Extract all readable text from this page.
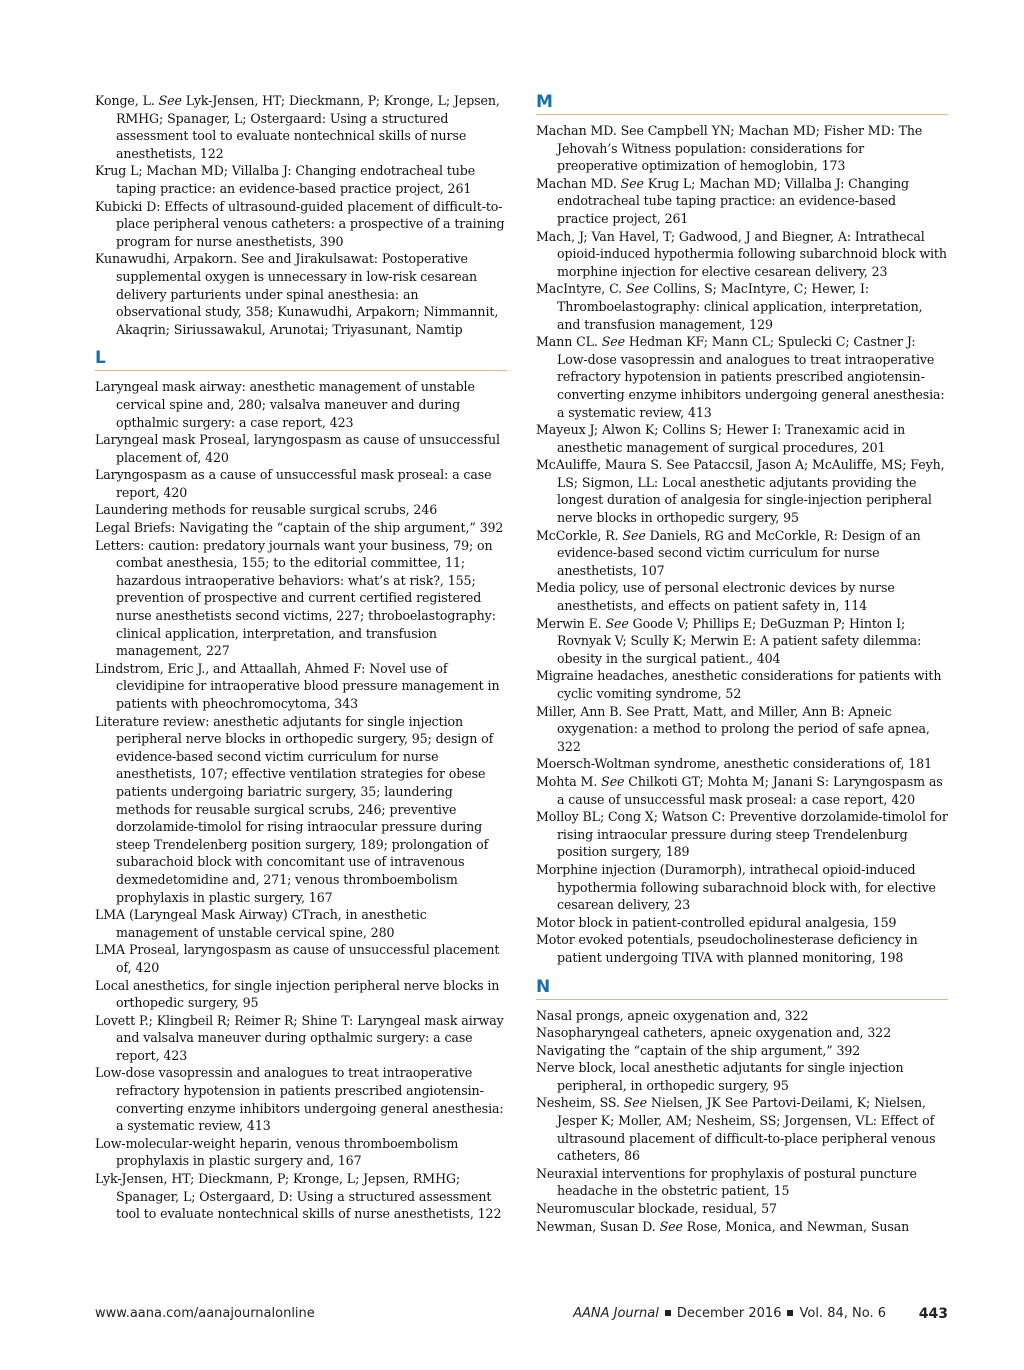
Konge, L. See Lyk-Jensen, HT; Dieckmann, P; Kronge, L; Jepsen, RMHG; Spanager, L; Ostergaard: Using a structured assessment tool to evaluate nontechnical skills of nurse anesthetists, 122

Krug L; Machan MD; Villalba J: Changing endotracheal tube taping practice: an evidence-based practice project, 261

Kubicki D: Effects of ultrasound-guided placement of difficult-to-place peripheral venous catheters: a prospective of a training program for nurse anesthetists, 390

Kunawudhi, Arpakorn. See and Jirakulsawat: Postoperative supplemental oxygen is unnecessary in low-risk cesarean delivery parturients under spinal anesthesia: an observational study, 358; Kunawudhi, Arpakorn; Nimmannit, Akaqrin; Siriussawakul, Arunotai; Triyasunant, Namtip

L

Laryngeal mask airway: anesthetic management of unstable cervical spine and, 280; valsalva maneuver and during opthalmic surgery: a case report, 423

Laryngeal mask Proseal, laryngospasm as cause of unsuccessful placement of, 420

Laryngospasm as a cause of unsuccessful mask proseal: a case report, 420

Laundering methods for reusable surgical scrubs, 246

Legal Briefs: Navigating the “captain of the ship argument,” 392

Letters: caution: predatory journals want your business, 79; on combat anesthesia, 155; to the editorial committee, 11; hazardous intraoperative behaviors: what’s at risk?, 155; prevention of prospective and current certified registered nurse anesthetists second victims, 227; throboelastography: clinical application, interpretation, and transfusion management, 227

Lindstrom, Eric J., and Attaallah, Ahmed F: Novel use of clevidipine for intraoperative blood pressure management in patients with pheochromocytoma, 343

Literature review: anesthetic adjutants for single injection peripheral nerve blocks in orthopedic surgery, 95; design of evidence-based second victim curriculum for nurse anesthetists, 107; effective ventilation strategies for obese patients undergoing bariatric surgery, 35; laundering methods for reusable surgical scrubs, 246; preventive dorzolamide-timolol for rising intraocular pressure during steep Trendelenberg position surgery, 189; prolongation of subarachoid block with concomitant use of intravenous dexmedetomidine and, 271; venous thromboembolism prophylaxis in plastic surgery, 167

LMA (Laryngeal Mask Airway) CTrach, in anesthetic management of unstable cervical spine, 280

LMA Proseal, laryngospasm as cause of unsuccessful placement of, 420

Local anesthetics, for single injection peripheral nerve blocks in orthopedic surgery, 95

Lovett P.; Klingbeil R; Reimer R; Shine T: Laryngeal mask airway and valsalva maneuver during opthalmic surgery: a case report, 423

Low-dose vasopressin and analogues to treat intraoperative refractory hypotension in patients prescribed angiotensin-converting enzyme inhibitors undergoing general anesthesia: a systematic review, 413

Low-molecular-weight heparin, venous thromboembolism prophylaxis in plastic surgery and, 167

Lyk-Jensen, HT; Dieckmann, P; Kronge, L; Jepsen, RMHG; Spanager, L; Ostergaard, D: Using a structured assessment tool to evaluate nontechnical skills of nurse anesthetists, 122

M

Machan MD. See Campbell YN; Machan MD; Fisher MD: The Jehovah’s Witness population: considerations for preoperative optimization of hemoglobin, 173

Machan MD. See Krug L; Machan MD; Villalba J: Changing endotracheal tube taping practice: an evidence-based practice project, 261

Mach, J; Van Havel, T; Gadwood, J and Biegner, A: Intrathecal opioid-induced hypothermia following subarchnoid block with morphine injection for elective cesarean delivery, 23

MacIntyre, C. See Collins, S; MacIntyre, C; Hewer, I: Thromboelastography: clinical application, interpretation, and transfusion management, 129

Mann CL. See Hedman KF; Mann CL; Spulecki C; Castner J: Low-dose vasopressin and analogues to treat intraoperative refractory hypotension in patients prescribed angiotensin-converting enzyme inhibitors undergoing general anesthesia: a systematic review, 413

Mayeux J; Alwon K; Collins S; Hewer I: Tranexamic acid in anesthetic management of surgical procedures, 201

McAuliffe, Maura S. See Pataccsil, Jason A; McAuliffe, MS; Feyh, LS; Sigmon, LL: Local anesthetic adjutants providing the longest duration of analgesia for single-injection peripheral nerve blocks in orthopedic surgery, 95

McCorkle, R. See Daniels, RG and McCorkle, R: Design of an evidence-based second victim curriculum for nurse anesthetists, 107

Media policy, use of personal electronic devices by nurse anesthetists, and effects on patient safety in, 114

Merwin E. See Goode V; Phillips E; DeGuzman P; Hinton I; Rovnyak V; Scully K; Merwin E: A patient safety dilemma: obesity in the surgical patient., 404

Migraine headaches, anesthetic considerations for patients with cyclic vomiting syndrome, 52

Miller, Ann B. See Pratt, Matt, and Miller, Ann B: Apneic oxygenation: a method to prolong the period of safe apnea, 322

Moersch-Woltman syndrome, anesthetic considerations of, 181

Mohta M. See Chilkoti GT; Mohta M; Janani S: Laryngospasm as a cause of unsuccessful mask proseal: a case report, 420

Molloy BL; Cong X; Watson C: Preventive dorzolamide-timolol for rising intraocular pressure during steep Trendelenburg position surgery, 189

Morphine injection (Duramorph), intrathecal opioid-induced hypothermia following subarachnoid block with, for elective cesarean delivery, 23

Motor block in patient-controlled epidural analgesia, 159

Motor evoked potentials, pseudocholinesterase deficiency in patient undergoing TIVA with planned monitoring, 198

N

Nasal prongs, apneic oxygenation and, 322

Nasopharyngeal catheters, apneic oxygenation and, 322

Navigating the “captain of the ship argument,” 392

Nerve block, local anesthetic adjutants for single injection peripheral, in orthopedic surgery, 95

Nesheim, SS. See Nielsen, JK See Partovi-Deilami, K; Nielsen, Jesper K; Moller, AM; Nesheim, SS; Jorgensen, VL: Effect of ultrasound placement of difficult-to-place peripheral venous catheters, 86

Neuraxial interventions for prophylaxis of postural puncture headache in the obstetric patient, 15

Neuromuscular blockade, residual, 57

Newman, Susan D. See Rose, Monica, and Newman, Susan

www.aana.com/aanajournalonline	AANA Journal December 2016 Vol. 84, No. 6 443
